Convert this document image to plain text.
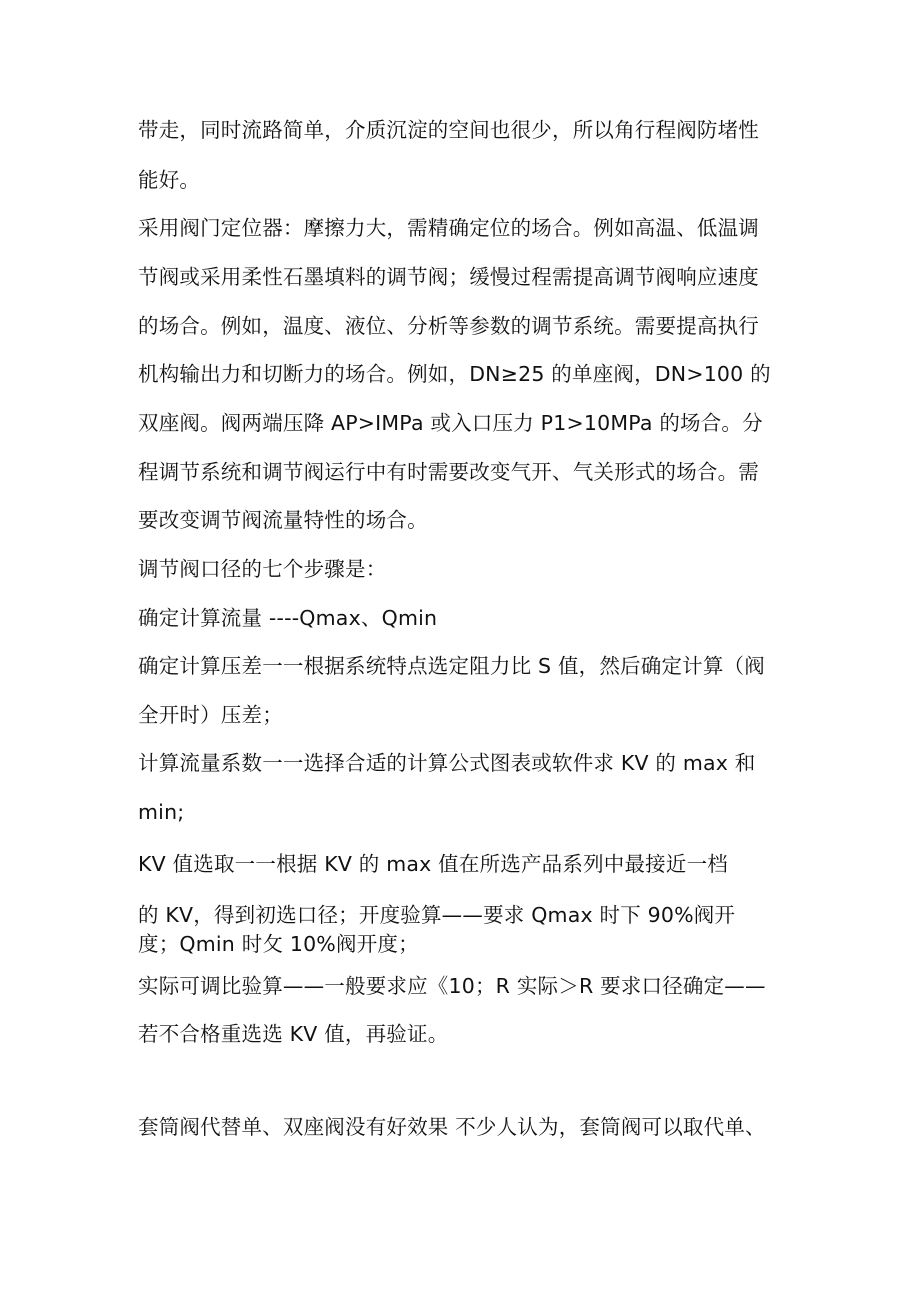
带走，同时流路简单，介质沉淀的空间也很少，所以角行程阀防堵性
能好。
采用阀门定位器：摩擦力大，需精确定位的场合。例如高温、低温调
节阀或采用柔性石墨填料的调节阀；缓慢过程需提高调节阀响应速度
的场合。例如，温度、液位、分析等参数的调节系统。需要提高执行
机构输出力和切断力的场合。例如，DN≥25 的单座阀，DN>100 的
双座阀。阀两端压降 AP>IMPa 或入口压力 P1>10MPa 的场合。分
程调节系统和调节阀运行中有时需要改变气开、气关形式的场合。需
要改变调节阀流量特性的场合。
调节阀口径的七个步骤是：
确定计算流量 ----Qmax、Qmin
确定计算压差一一根据系统特点选定阻力比 S 值，然后确定计算（阀
全开时）压差；
计算流量系数一一选择合适的计算公式图表或软件求 KV 的 max 和
min;
KV 值选取一一根据 KV 的 max 值在所选产品系列中最接近一档
的 KV，得到初选口径；开度验算——要求 Qmax 时下 90%阀开
度；Qmin 时攵 10%阀开度；
实际可调比验算——一般要求应《10；R 实际＞R 要求口径确定——
若不合格重选选 KV 值，再验证。
套筒阀代替单、双座阀没有好效果 不少人认为，套筒阀可以取代单、
